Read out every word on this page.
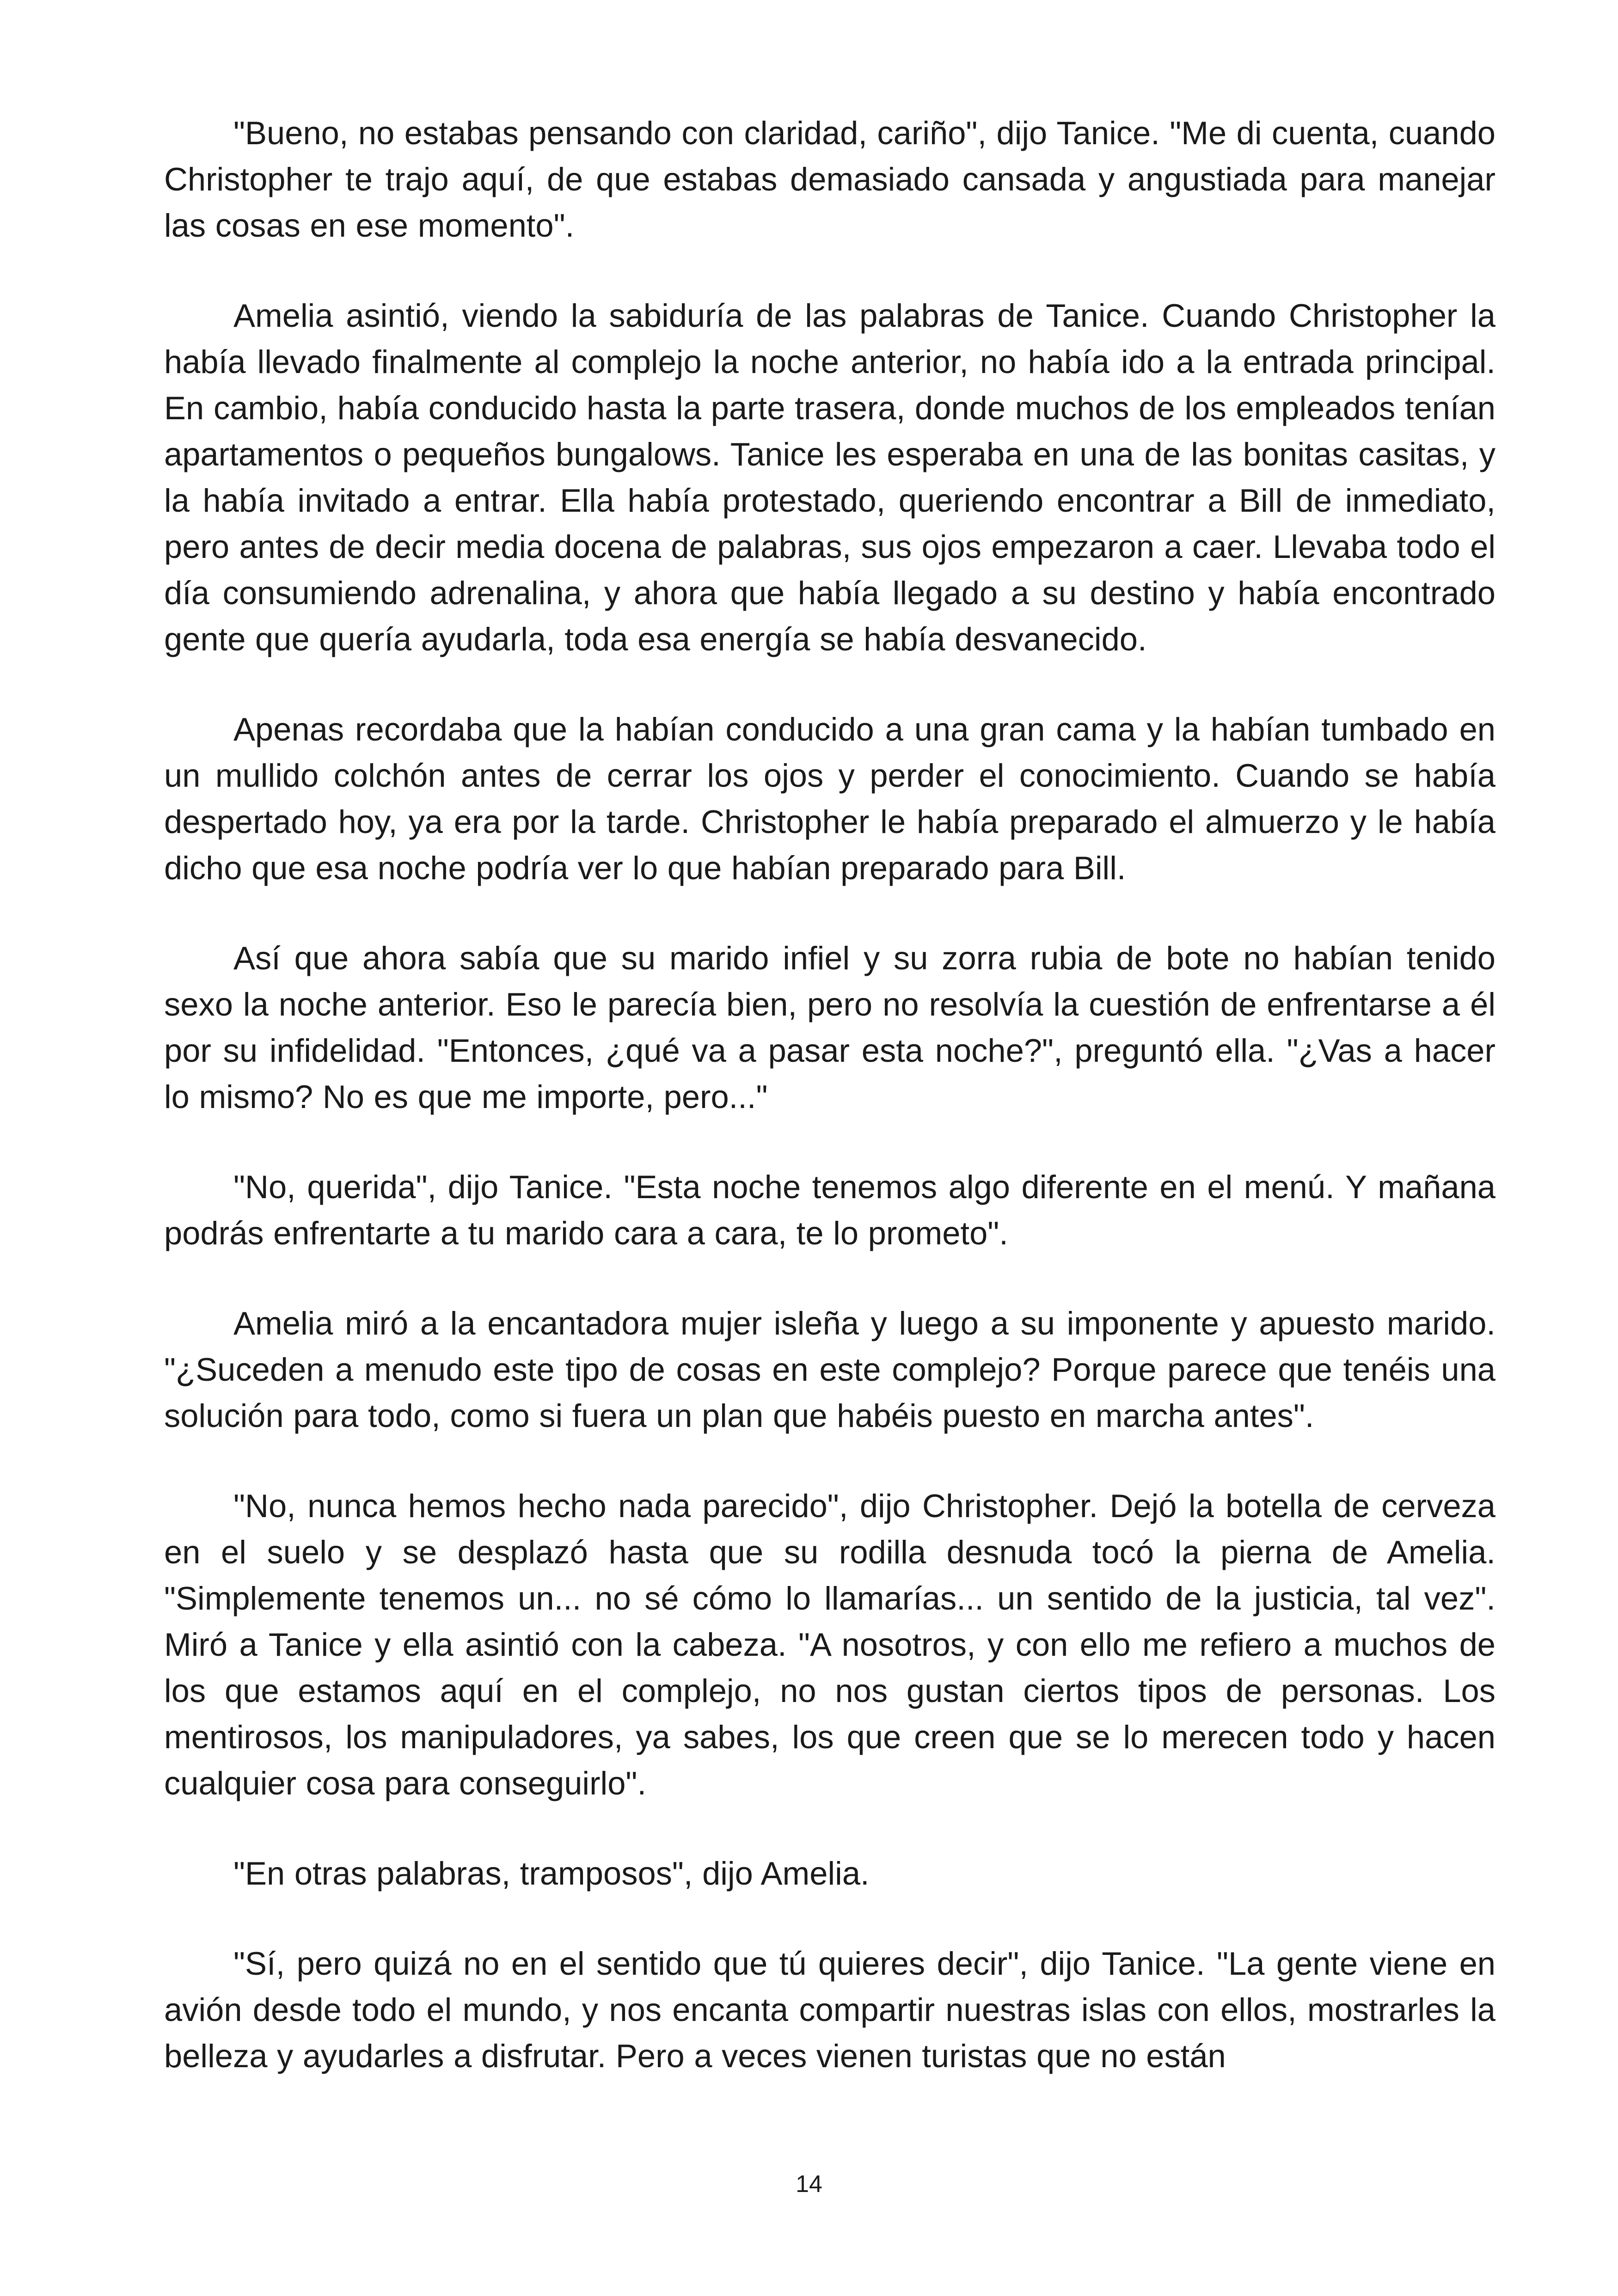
"Bueno, no estabas pensando con claridad, cariño", dijo Tanice. "Me di cuenta, cuando Christopher te trajo aquí, de que estabas demasiado cansada y angustiada para manejar las cosas en ese momento".

Amelia asintió, viendo la sabiduría de las palabras de Tanice. Cuando Christopher la había llevado finalmente al complejo la noche anterior, no había ido a la entrada principal. En cambio, había conducido hasta la parte trasera, donde muchos de los empleados tenían apartamentos o pequeños bungalows. Tanice les esperaba en una de las bonitas casitas, y la había invitado a entrar. Ella había protestado, queriendo encontrar a Bill de inmediato, pero antes de decir media docena de palabras, sus ojos empezaron a caer. Llevaba todo el día consumiendo adrenalina, y ahora que había llegado a su destino y había encontrado gente que quería ayudarla, toda esa energía se había desvanecido.

Apenas recordaba que la habían conducido a una gran cama y la habían tumbado en un mullido colchón antes de cerrar los ojos y perder el conocimiento. Cuando se había despertado hoy, ya era por la tarde. Christopher le había preparado el almuerzo y le había dicho que esa noche podría ver lo que habían preparado para Bill.

Así que ahora sabía que su marido infiel y su zorra rubia de bote no habían tenido sexo la noche anterior. Eso le parecía bien, pero no resolvía la cuestión de enfrentarse a él por su infidelidad. "Entonces, ¿qué va a pasar esta noche?", preguntó ella. "¿Vas a hacer lo mismo? No es que me importe, pero..."

"No, querida", dijo Tanice. "Esta noche tenemos algo diferente en el menú. Y mañana podrás enfrentarte a tu marido cara a cara, te lo prometo".

Amelia miró a la encantadora mujer isleña y luego a su imponente y apuesto marido. "¿Suceden a menudo este tipo de cosas en este complejo? Porque parece que tenéis una solución para todo, como si fuera un plan que habéis puesto en marcha antes".

"No, nunca hemos hecho nada parecido", dijo Christopher. Dejó la botella de cerveza en el suelo y se desplazó hasta que su rodilla desnuda tocó la pierna de Amelia. "Simplemente tenemos un... no sé cómo lo llamarías... un sentido de la justicia, tal vez". Miró a Tanice y ella asintió con la cabeza. "A nosotros, y con ello me refiero a muchos de los que estamos aquí en el complejo, no nos gustan ciertos tipos de personas. Los mentirosos, los manipuladores, ya sabes, los que creen que se lo merecen todo y hacen cualquier cosa para conseguirlo".

"En otras palabras, tramposos", dijo Amelia.

"Sí, pero quizá no en el sentido que tú quieres decir", dijo Tanice. "La gente viene en avión desde todo el mundo, y nos encanta compartir nuestras islas con ellos, mostrarles la belleza y ayudarles a disfrutar. Pero a veces vienen turistas que no están

14
